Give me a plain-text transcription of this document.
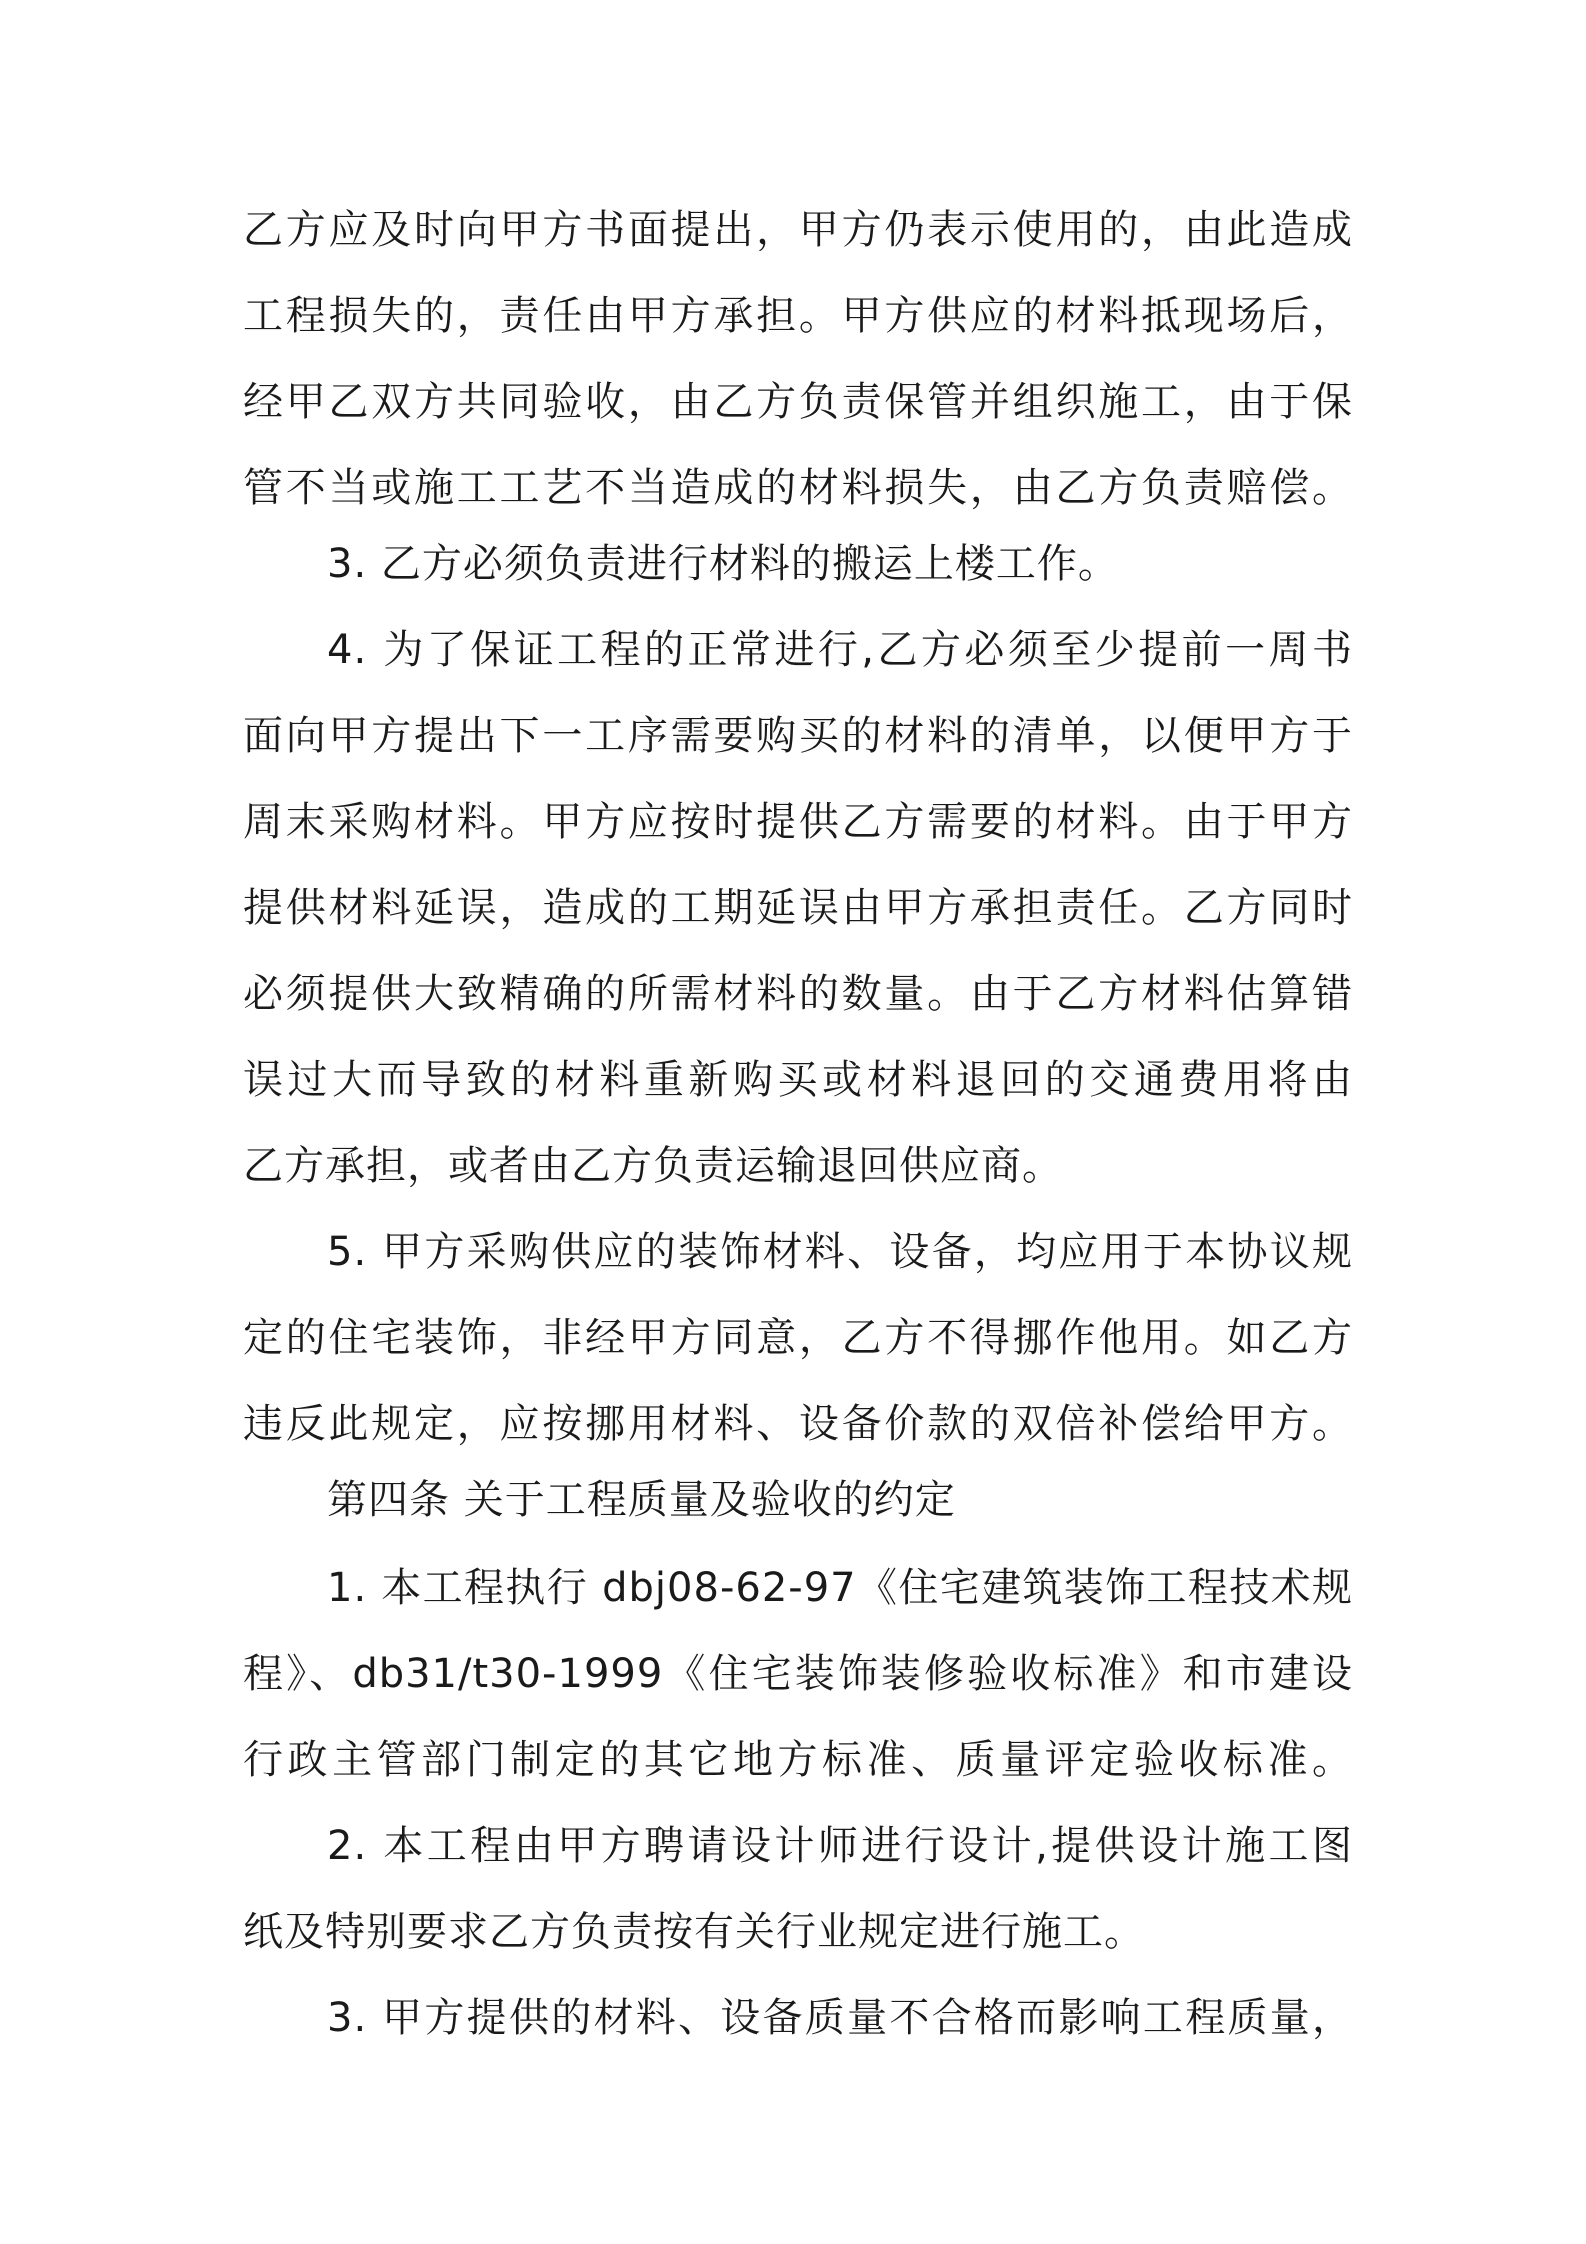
乙方应及时向甲方书面提出，甲方仍表示使用的，由此造成
工程损失的，责任由甲方承担。甲方供应的材料抵现场后，
经甲乙双方共同验收，由乙方负责保管并组织施工，由于保
管不当或施工工艺不当造成的材料损失，由乙方负责赔偿。
3. 乙方必须负责进行材料的搬运上楼工作。
4. 为了保证工程的正常进行,乙方必须至少提前一周书
面向甲方提出下一工序需要购买的材料的清单，以便甲方于
周末采购材料。甲方应按时提供乙方需要的材料。由于甲方
提供材料延误，造成的工期延误由甲方承担责任。乙方同时
必须提供大致精确的所需材料的数量。由于乙方材料估算错
误过大而导致的材料重新购买或材料退回的交通费用将由
乙方承担，或者由乙方负责运输退回供应商。
5. 甲方采购供应的装饰材料、设备，均应用于本协议规
定的住宅装饰，非经甲方同意，乙方不得挪作他用。如乙方
违反此规定，应按挪用材料、设备价款的双倍补偿给甲方。
第四条 关于工程质量及验收的约定
1. 本工程执行 dbj08-62-97《住宅建筑装饰工程技术规
程》、db31/t30-1999《住宅装饰装修验收标准》和市建设
行政主管部门制定的其它地方标准、质量评定验收标准。
2. 本工程由甲方聘请设计师进行设计,提供设计施工图
纸及特别要求乙方负责按有关行业规定进行施工。
3. 甲方提供的材料、设备质量不合格而影响工程质量，
